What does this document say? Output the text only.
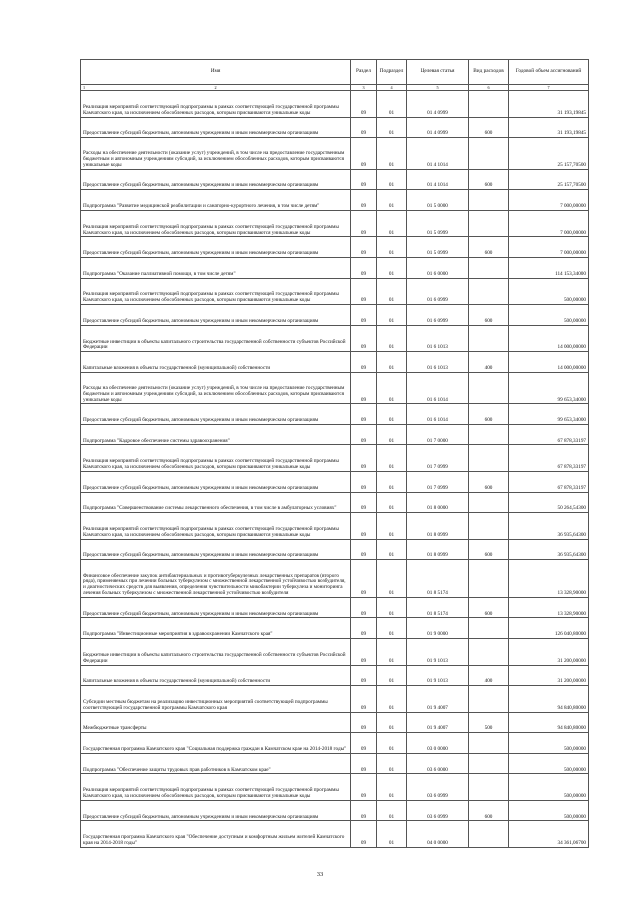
Имя	Раздел	Подраздел	Целевая статья	Вид расходов	Годовой объем ассигнований

1 2	3	4	5	6	7
Реализация мероприятий соответствующей подпрограммы в рамках соответствующей государственной программы Камчатского края, за исключением обособленных расходов, которым присваиваются уникальные коды	09	01	01 4 0999		31 193,19845
Предоставление субсидий бюджетным, автономным учреждениям и иным некоммерческим организациям	09	01	01 4 0999	600	31 193,19845
Расходы на обеспечение деятельности (оказание услуг) учреждений, в том числе на предоставление государственным бюджетным и автономным учреждениям субсидий, за исключением обособленных расходов, которым присваиваются уникальные коды	09	01	01 4 1014		25 157,70500
Предоставление субсидий бюджетным, автономным учреждениям и иным некоммерческим организациям	09	01	01 4 1014	600	25 157,70500
Подпрограмма "Развитие медицинской реабилитации и санаторно-курортного лечения, в том числе детям"	09	01	01 5 0000		7 000,00000
Реализация мероприятий соответствующей подпрограммы в рамках соответствующей государственной программы Камчатского края, за исключением обособленных расходов, которым присваиваются уникальные коды	09	01	01 5 0999		7 000,00000
Предоставление субсидий бюджетным, автономным учреждениям и иным некоммерческим организациям	09	01	01 5 0999	600	7 000,00000
Подпрограмма "Оказание паллиативной помощи, в том числе детям"	09	01	01 6 0000		114 153,34000
Реализация мероприятий соответствующей подпрограммы в рамках соответствующей государственной программы Камчатского края, за исключением обособленных расходов, которым присваиваются уникальные коды	09	01	01 6 0999		500,00000
Предоставление субсидий бюджетным, автономным учреждениям и иным некоммерческим организациям	09	01	01 6 0999	600	500,00000
Бюджетные инвестиции в объекты капитального строительства государственной собственности субъектов Российской Федерации	09	01	01 6 1013		14 000,00000
Капитальные вложения в объекты государственной (муниципальной) собственности	09	01	01 6 1013	400	14 000,00000
Расходы на обеспечение деятельности (оказание услуг) учреждений, в том числе на предоставление государственным бюджетным и автономным учреждениям субсидий, за исключением обособленных расходов, которым присваиваются уникальные коды	09	01	01 6 1014		99 653,34000
Предоставление субсидий бюджетным, автономным учреждениям и иным некоммерческим организациям	09	01	01 6 1014	600	99 653,34000
Подпрограмма "Кадровое обеспечение системы здравоохранения"	09	01	01 7 0000		67 878,33197
Реализация мероприятий соответствующей подпрограммы в рамках соответствующей государственной программы Камчатского края, за исключением обособленных расходов, которым присваиваются уникальные коды	09	01	01 7 0999		67 878,33197
Предоставление субсидий бюджетным, автономным учреждениям и иным некоммерческим организациям	09	01	01 7 0999	600	67 878,33197
Подпрограмма "Совершенствование системы лекарственного обеспечения, в том числе в амбулаторных условиях"	09	01	01 8 0000		50 264,54300
Реализация мероприятий соответствующей подпрограммы в рамках соответствующей государственной программы Камчатского края, за исключением обособленных расходов, которым присваиваются уникальные коды	09	01	01 8 0999		36 935,64300
Предоставление субсидий бюджетным, автономным учреждениям и иным некоммерческим организациям	09	01	01 8 0999	600	36 935,64300
Финансовое обеспечение закупок антибактериальных и противотуберкулезных лекарственных препаратов (второго ряда), применяемых при лечении больных туберкулезом с множественной лекарственной устойчивостью возбудителя, и диагностических средств для выявления, определения чувствительности микобактерии туберкулеза и мониторинга лечения больных туберкулезом с множественной лекарственной устойчивостью возбудителя	09	01	01 8 5174		13 328,90000
Предоставление субсидий бюджетным, автономным учреждениям и иным некоммерческим организациям	09	01	01 8 5174	600	13 328,90000
Подпрограмма "Инвестиционные мероприятия в здравоохранении Камчатского края"	09	01	01 9 0000		126 040,80000
Бюджетные инвестиции в объекты капитального строительства государственной собственности субъектов Российской Федерации	09	01	01 9 1013		31 200,00000
Капитальные вложения в объекты государственной (муниципальной) собственности	09	01	01 9 1013	400	31 200,00000
Субсидии местным бюджетам на реализацию инвестиционных мероприятий соответствующей подпрограммы соответствующей государственной программы Камчатского края	09	01	01 9 4007		94 840,80000
Межбюджетные трансферты	09	01	01 9 4007	500	94 840,80000
Государственная программа Камчатского края "Социальная поддержка граждан в Камчатском крае на 2014-2018 годы"	09	01	03 0 0000		500,00000
Подпрограмма "Обеспечение защиты трудовых прав работников в Камчатском крае"	09	01	03 6 0000		500,00000
Реализация мероприятий соответствующей подпрограммы в рамках соответствующей государственной программы Камчатского края, за исключением обособленных расходов, которым присваиваются уникальные коды	09	01	03 6 0999		500,00000
Предоставление субсидий бюджетным, автономным учреждениям и иным некоммерческим организациям	09	01	03 6 0999	600	500,00000
Государственная программа Камчатского края "Обеспечение доступным и комфортным жильем жителей Камчатского края на 2014-2018 годы"	09	01	04 0 0000		34 361,06700
33
